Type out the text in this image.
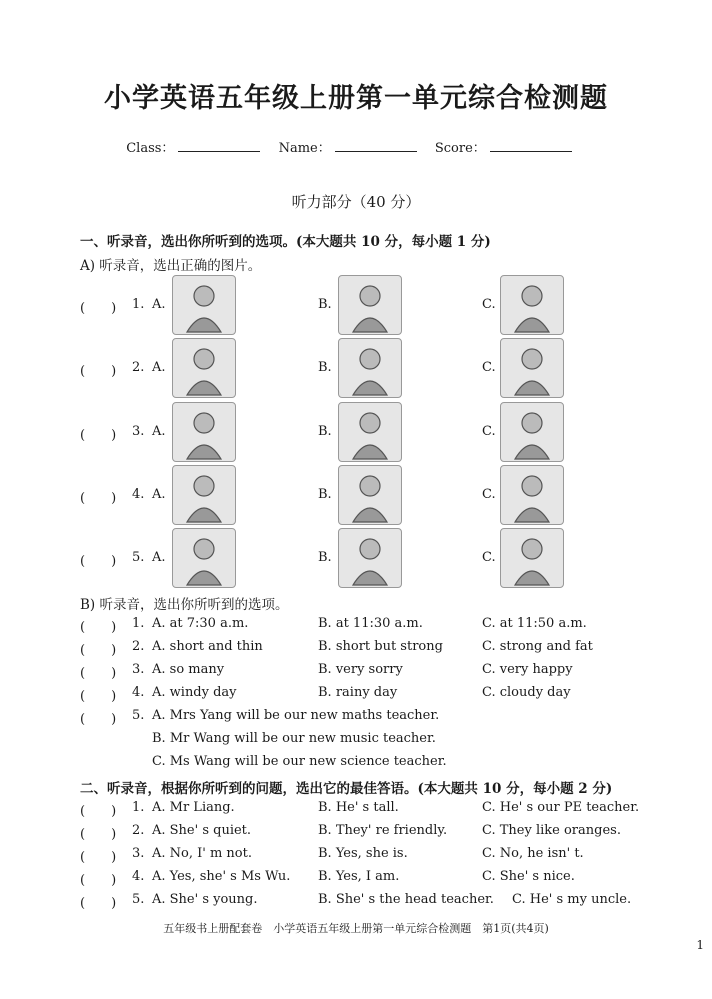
小学英语五年级上册第一单元综合检测题
Class：	Name：	Score：
听力部分（40 分）
一、听录音，选出你所听到的选项。(本大题共 10 分，每小题 1 分)
A) 听录音，选出正确的图片。
(　　) 1. A.	B.	C.
(　　) 2. A.	B.	C.
(　　) 3. A.	B.	C.
(　　) 4. A.	B.	C.
(　　) 5. A.	B.	C.
B) 听录音，选出你所听到的选项。
(　　) 1. A. at 7:30 a.m.	B. at 11:30 a.m.	C. at 11:50 a.m.
(　　) 2. A. short and thin	B. short but strong	C. strong and fat
(　　) 3. A. so many	B. very sorry	C. very happy
(　　) 4. A. windy day	B. rainy day	C. cloudy day
(　　) 5. A. Mrs Yang will be our new maths teacher.
B. Mr Wang will be our new music teacher.
C. Ms Wang will be our new science teacher.
二、听录音，根据你所听到的问题，选出它的最佳答语。(本大题共 10 分，每小题 2 分)
(　　) 1. A. Mr Liang.	B. He' s tall.	C. He' s our PE teacher.
(　　) 2. A. She' s quiet.	B. They' re friendly.	C. They like oranges.
(　　) 3. A. No, I' m not.	B. Yes, she is.	C. No, he isn' t.
(　　) 4. A. Yes, she' s Ms Wu. B. Yes, I am.	C. She' s nice.
(　　) 5. A. She' s young.	B. She' s the head teacher. C. He' s my uncle.
五年级书上册配套卷　小学英语五年级上册第一单元综合检测题　第1页(共4页)
1
